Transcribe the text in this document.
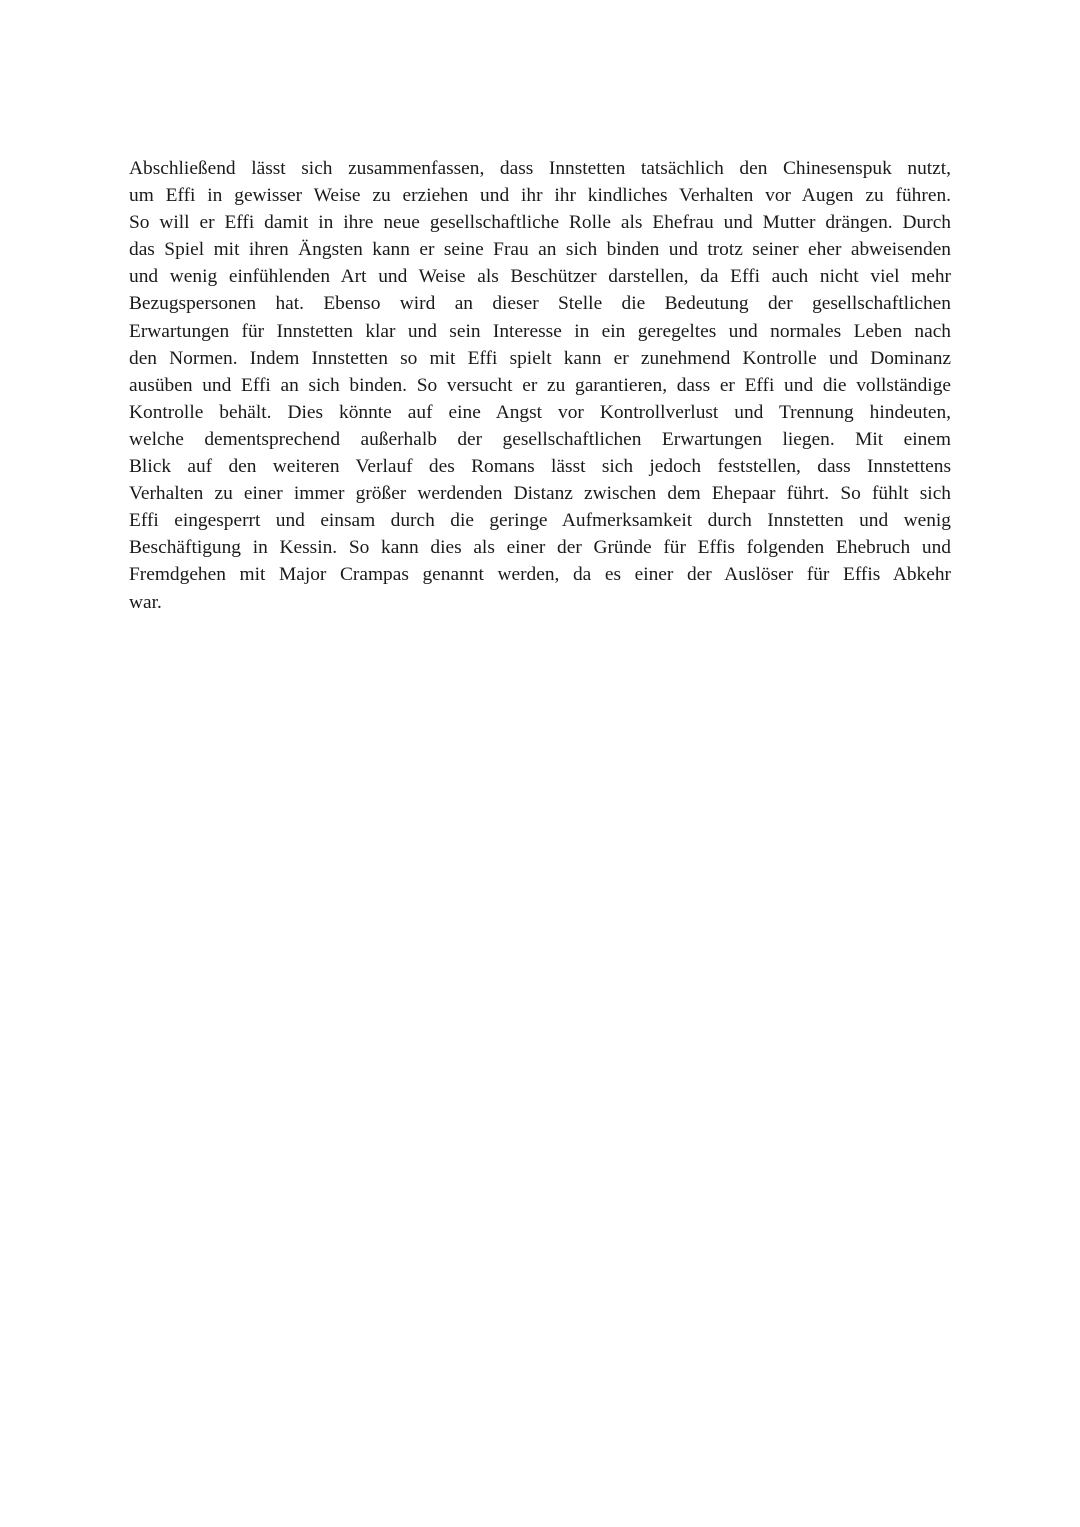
Abschließend lässt sich zusammenfassen, dass Innstetten tatsächlich den Chinesenspuk nutzt,
um Effi in gewisser Weise zu erziehen und ihr ihr kindliches Verhalten vor Augen zu führen.
So will er Effi damit in ihre neue gesellschaftliche Rolle als Ehefrau und Mutter drängen. Durch
das Spiel mit ihren Ängsten kann er seine Frau an sich binden und trotz seiner eher abweisenden
und wenig einfühlenden Art und Weise als Beschützer darstellen, da Effi auch nicht viel mehr
Bezugspersonen hat. Ebenso wird an dieser Stelle die Bedeutung der gesellschaftlichen
Erwartungen für Innstetten klar und sein Interesse in ein geregeltes und normales Leben nach
den Normen. Indem Innstetten so mit Effi spielt kann er zunehmend Kontrolle und Dominanz
ausüben und Effi an sich binden. So versucht er zu garantieren, dass er Effi und die vollständige
Kontrolle behält. Dies könnte auf eine Angst vor Kontrollverlust und Trennung hindeuten,
welche dementsprechend außerhalb der gesellschaftlichen Erwartungen liegen. Mit einem
Blick auf den weiteren Verlauf des Romans lässt sich jedoch feststellen, dass Innstettens
Verhalten zu einer immer größer werdenden Distanz zwischen dem Ehepaar führt. So fühlt sich
Effi eingesperrt und einsam durch die geringe Aufmerksamkeit durch Innstetten und wenig
Beschäftigung in Kessin. So kann dies als einer der Gründe für Effis folgenden Ehebruch und
Fremdgehen mit Major Crampas genannt werden, da es einer der Auslöser für Effis Abkehr
war.
